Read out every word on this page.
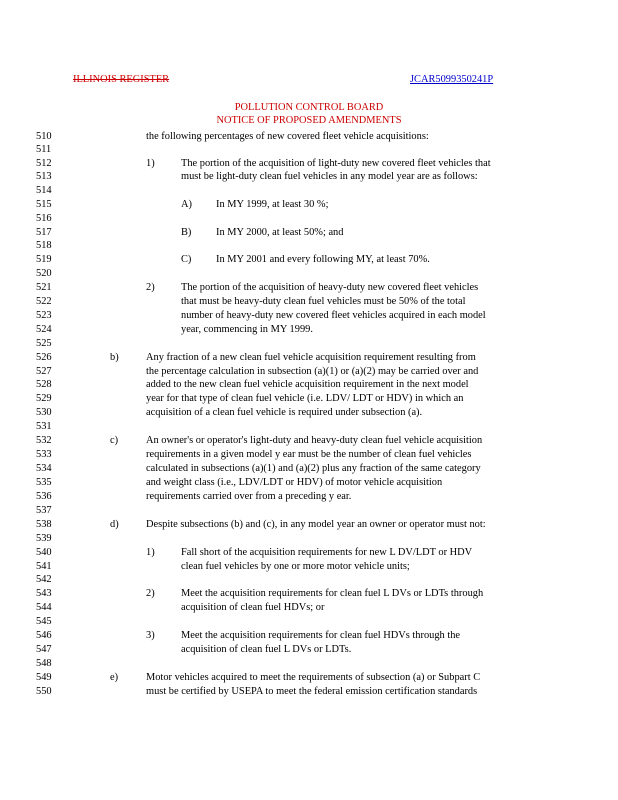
ILLINOIS REGISTER	JCAR5099350241P
POLLUTION CONTROL BOARD
NOTICE OF PROPOSED AMENDMENTS
510
511
512
513
514
515
516
517
518
519
520
521
522
523
524
525
526
527
528
529
530
531
532
533
534
535
536
537
538
539
540
541
542
543
544
545
546
547
548
549
550
the following percentages of new covered fleet vehicle acquisitions:
1)	The portion of the acquisition of light-duty new covered fleet vehicles that
must be light-duty clean fuel vehicles in any model year are as follows:
A) In MY 1999, at least 30 %;
B) In MY 2000, at least 50%; and
C) In MY 2001 and every following MY, at least 70%.
2)	The portion of the acquisition of heavy-duty new covered fleet vehicles
that must be heavy-duty clean fuel vehicles must be 50% of the total
number of heavy-duty new covered fleet vehicles acquired in each model
year, commencing in MY 1999.
b)	Any fraction of a new clean fuel vehicle acquisition requirement resulting from
the percentage calculation in subsection (a)(1) or (a)(2) may be carried over and
added to the new clean fuel vehicle acquisition requirement in the next model
year for that type of clean fuel vehicle (i.e. LDV/ LDT or HDV) in which an
acquisition of a clean fuel vehicle is required under subsection (a).
c)	An owner's or operator's light-duty and heavy-duty clean fuel vehicle acquisition
requirements in a given model y ear must be the number of clean fuel vehicles
calculated in subsections (a)(1) and (a)(2) plus any fraction of the same category
and weight class (i.e., LDV/LDT or HDV) of motor vehicle acquisition
requirements carried over from a preceding y ear.
d)	Despite subsections (b) and (c), in any model year an owner or operator must not:
1)	Fall short of the acquisition requirements for new L DV/LDT or HDV
clean fuel vehicles by one or more motor vehicle units;
2)	Meet the acquisition requirements for clean fuel L DVs or LDTs through
acquisition of clean fuel HDVs; or
3)	Meet the acquisition requirements for clean fuel HDVs through the
acquisition of clean fuel L DVs or LDTs.
e)	Motor vehicles acquired to meet the requirements of subsection (a) or Subpart C
must be certified by USEPA to meet the federal emission certification standards
